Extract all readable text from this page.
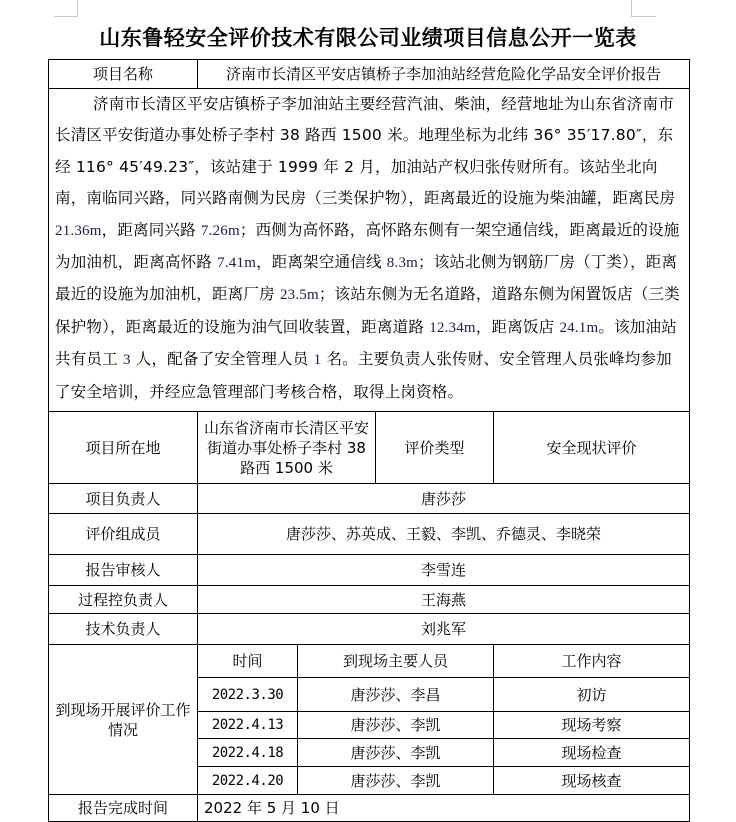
山东鲁轻安全评价技术有限公司业绩项目信息公开一览表
项目名称	济南市长清区平安店镇桥子李加油站经营危险化学品安全评价报告			
济南市长清区平安店镇桥子李加油站主要经营汽油、柴油，经营地址为山东省济南市长清区平安街道办事处桥子李村 38 路西 1500 米。地理坐标为北纬 36° 35′17.80″，东经 116° 45′49.23″，该站建于 1999 年 2 月，加油站产权归张传财所有。该站坐北向南，南临同兴路，同兴路南侧为民房（三类保护物），距离最近的设施为柴油罐，距离民房 21.36m，距离同兴路 7.26m；西侧为高怀路，高怀路东侧有一架空通信线，距离最近的设施为加油机，距离高怀路 7.41m，距离架空通信线 8.3m；该站北侧为钢筋厂房（丁类），距离最近的设施为加油机，距离厂房 23.5m；该站东侧为无名道路，道路东侧为闲置饭店（三类保护物），距离最近的设施为油气回收装置，距离道路 12.34m，距离饭店 24.1m。该加油站共有员工 3 人，配备了安全管理人员 1 名。主要负责人张传财、安全管理人员张峰均参加了安全培训，并经应急管理部门考核合格，取得上岗资格。				
项目所在地	山东省济南市长清区平安街道办事处桥子李村 38 路西 1500 米		评价类型	安全现状评价
项目负责人	唐莎莎			
评价组成员	唐莎莎、苏英成、王毅、李凯、乔德灵、李晓荣			
报告审核人	李雪连			
过程控负责人	王海燕			
技术负责人	刘兆军			
到现场开展评价工作情况	时间	到现场主要人员		工作内容
	2022.3.30	唐莎莎、李昌		初访
	2022.4.13	唐莎莎、李凯		现场考察
	2022.4.18	唐莎莎、李凯		现场检查
	2022.4.20	唐莎莎、李凯		现场核查
报告完成时间	2022 年 5 月 10 日			
